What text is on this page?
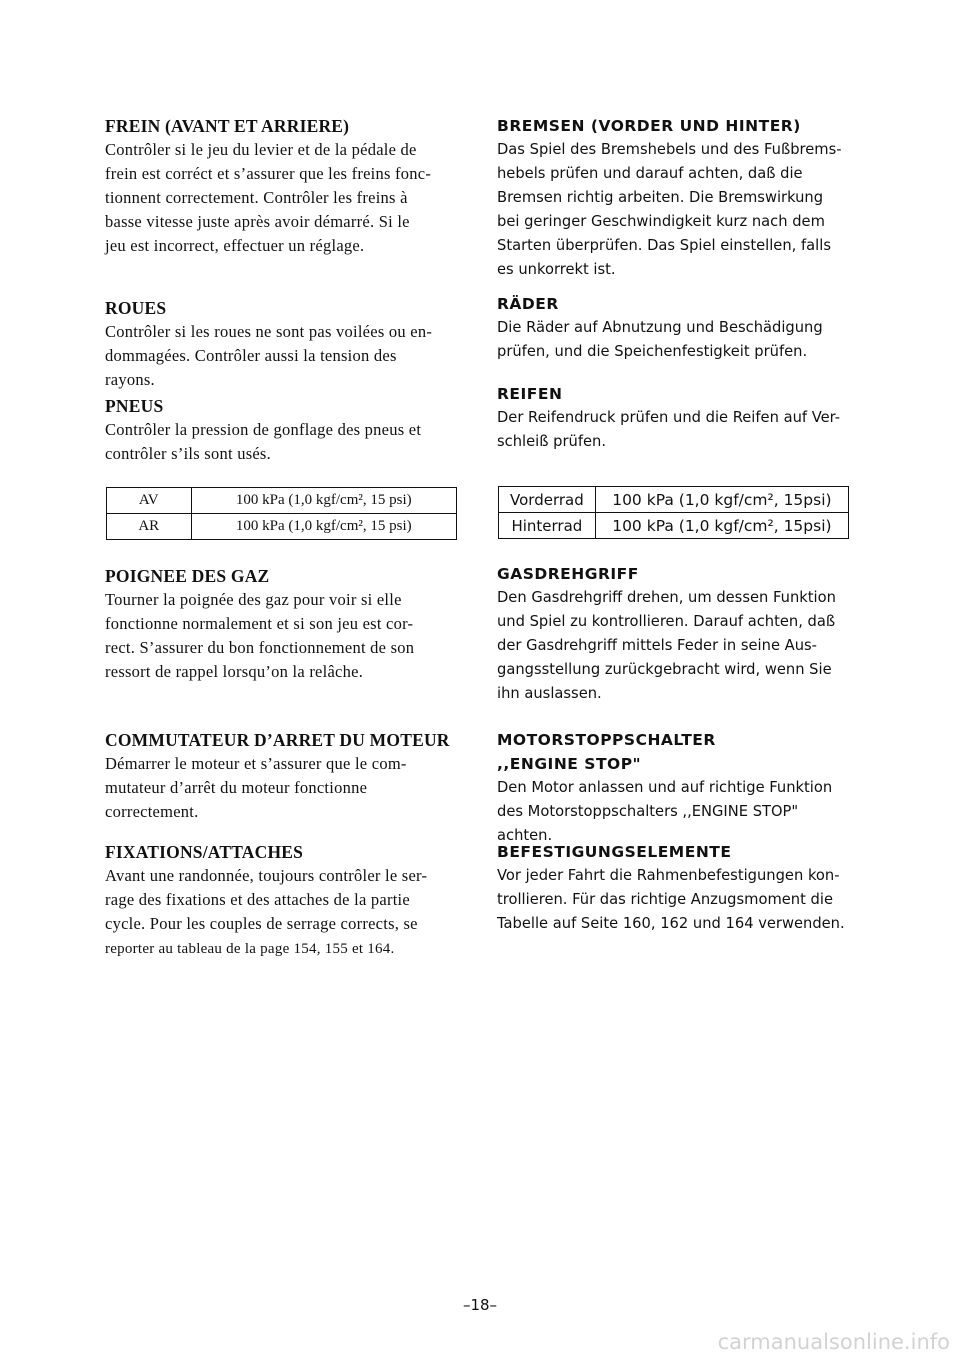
FREIN (AVANT ET ARRIERE)

Contrôler si le jeu du levier et de la pédale de
frein est corréct et s’assurer que les freins fonc-
tionnent correctement. Contrôler les freins à
basse vitesse juste après avoir démarré. Si le
jeu est incorrect, effectuer un réglage.

ROUES

Contrôler si les roues ne sont pas voilées ou en-
dommagées. Contrôler aussi la tension des
rayons.

PNEUS

Contrôler la pression de gonflage des pneus et
contrôler s’ils sont usés.

AV	100 kPa (1,0 kgf/cm², 15 psi)
AR	100 kPa (1,0 kgf/cm², 15 psi)
POIGNEE DES GAZ

Tourner la poignée des gaz pour voir si elle
fonctionne normalement et si son jeu est cor-
rect. S’assurer du bon fonctionnement de son
ressort de rappel lorsqu’on la relâche.

COMMUTATEUR D’ARRET DU MOTEUR

Démarrer le moteur et s’assurer que le com-
mutateur d’arrêt du moteur fonctionne
correctement.

FIXATIONS/ATTACHES

Avant une randonnée, toujours contrôler le ser-
rage des fixations et des attaches de la partie
cycle. Pour les couples de serrage corrects, se
reporter au tableau de la page 154, 155 et 164.

BREMSEN (VORDER UND HINTER)

Das Spiel des Bremshebels und des Fußbrems-
hebels prüfen und darauf achten, daß die
Bremsen richtig arbeiten. Die Bremswirkung
bei geringer Geschwindigkeit kurz nach dem
Starten überprüfen. Das Spiel einstellen, falls
es unkorrekt ist.

RÄDER

Die Räder auf Abnutzung und Beschädigung
prüfen, und die Speichenfestigkeit prüfen.

REIFEN

Der Reifendruck prüfen und die Reifen auf Ver-
schleiß prüfen.

Vorderrad	100 kPa (1,0 kgf/cm², 15psi)
Hinterrad	100 kPa (1,0 kgf/cm², 15psi)
GASDREHGRIFF

Den Gasdrehgriff drehen, um dessen Funktion
und Spiel zu kontrollieren. Darauf achten, daß
der Gasdrehgriff mittels Feder in seine Aus-
gangsstellung zurückgebracht wird, wenn Sie
ihn auslassen.

MOTORSTOPPSCHALTER
,,ENGINE STOP"

Den Motor anlassen und auf richtige Funktion
des Motorstoppschalters ,,ENGINE STOP"
achten.

BEFESTIGUNGSELEMENTE

Vor jeder Fahrt die Rahmenbefestigungen kon-
trollieren. Für das richtige Anzugsmoment die
Tabelle auf Seite 160, 162 und 164 verwenden.

–18–
carmanualsonline.info
